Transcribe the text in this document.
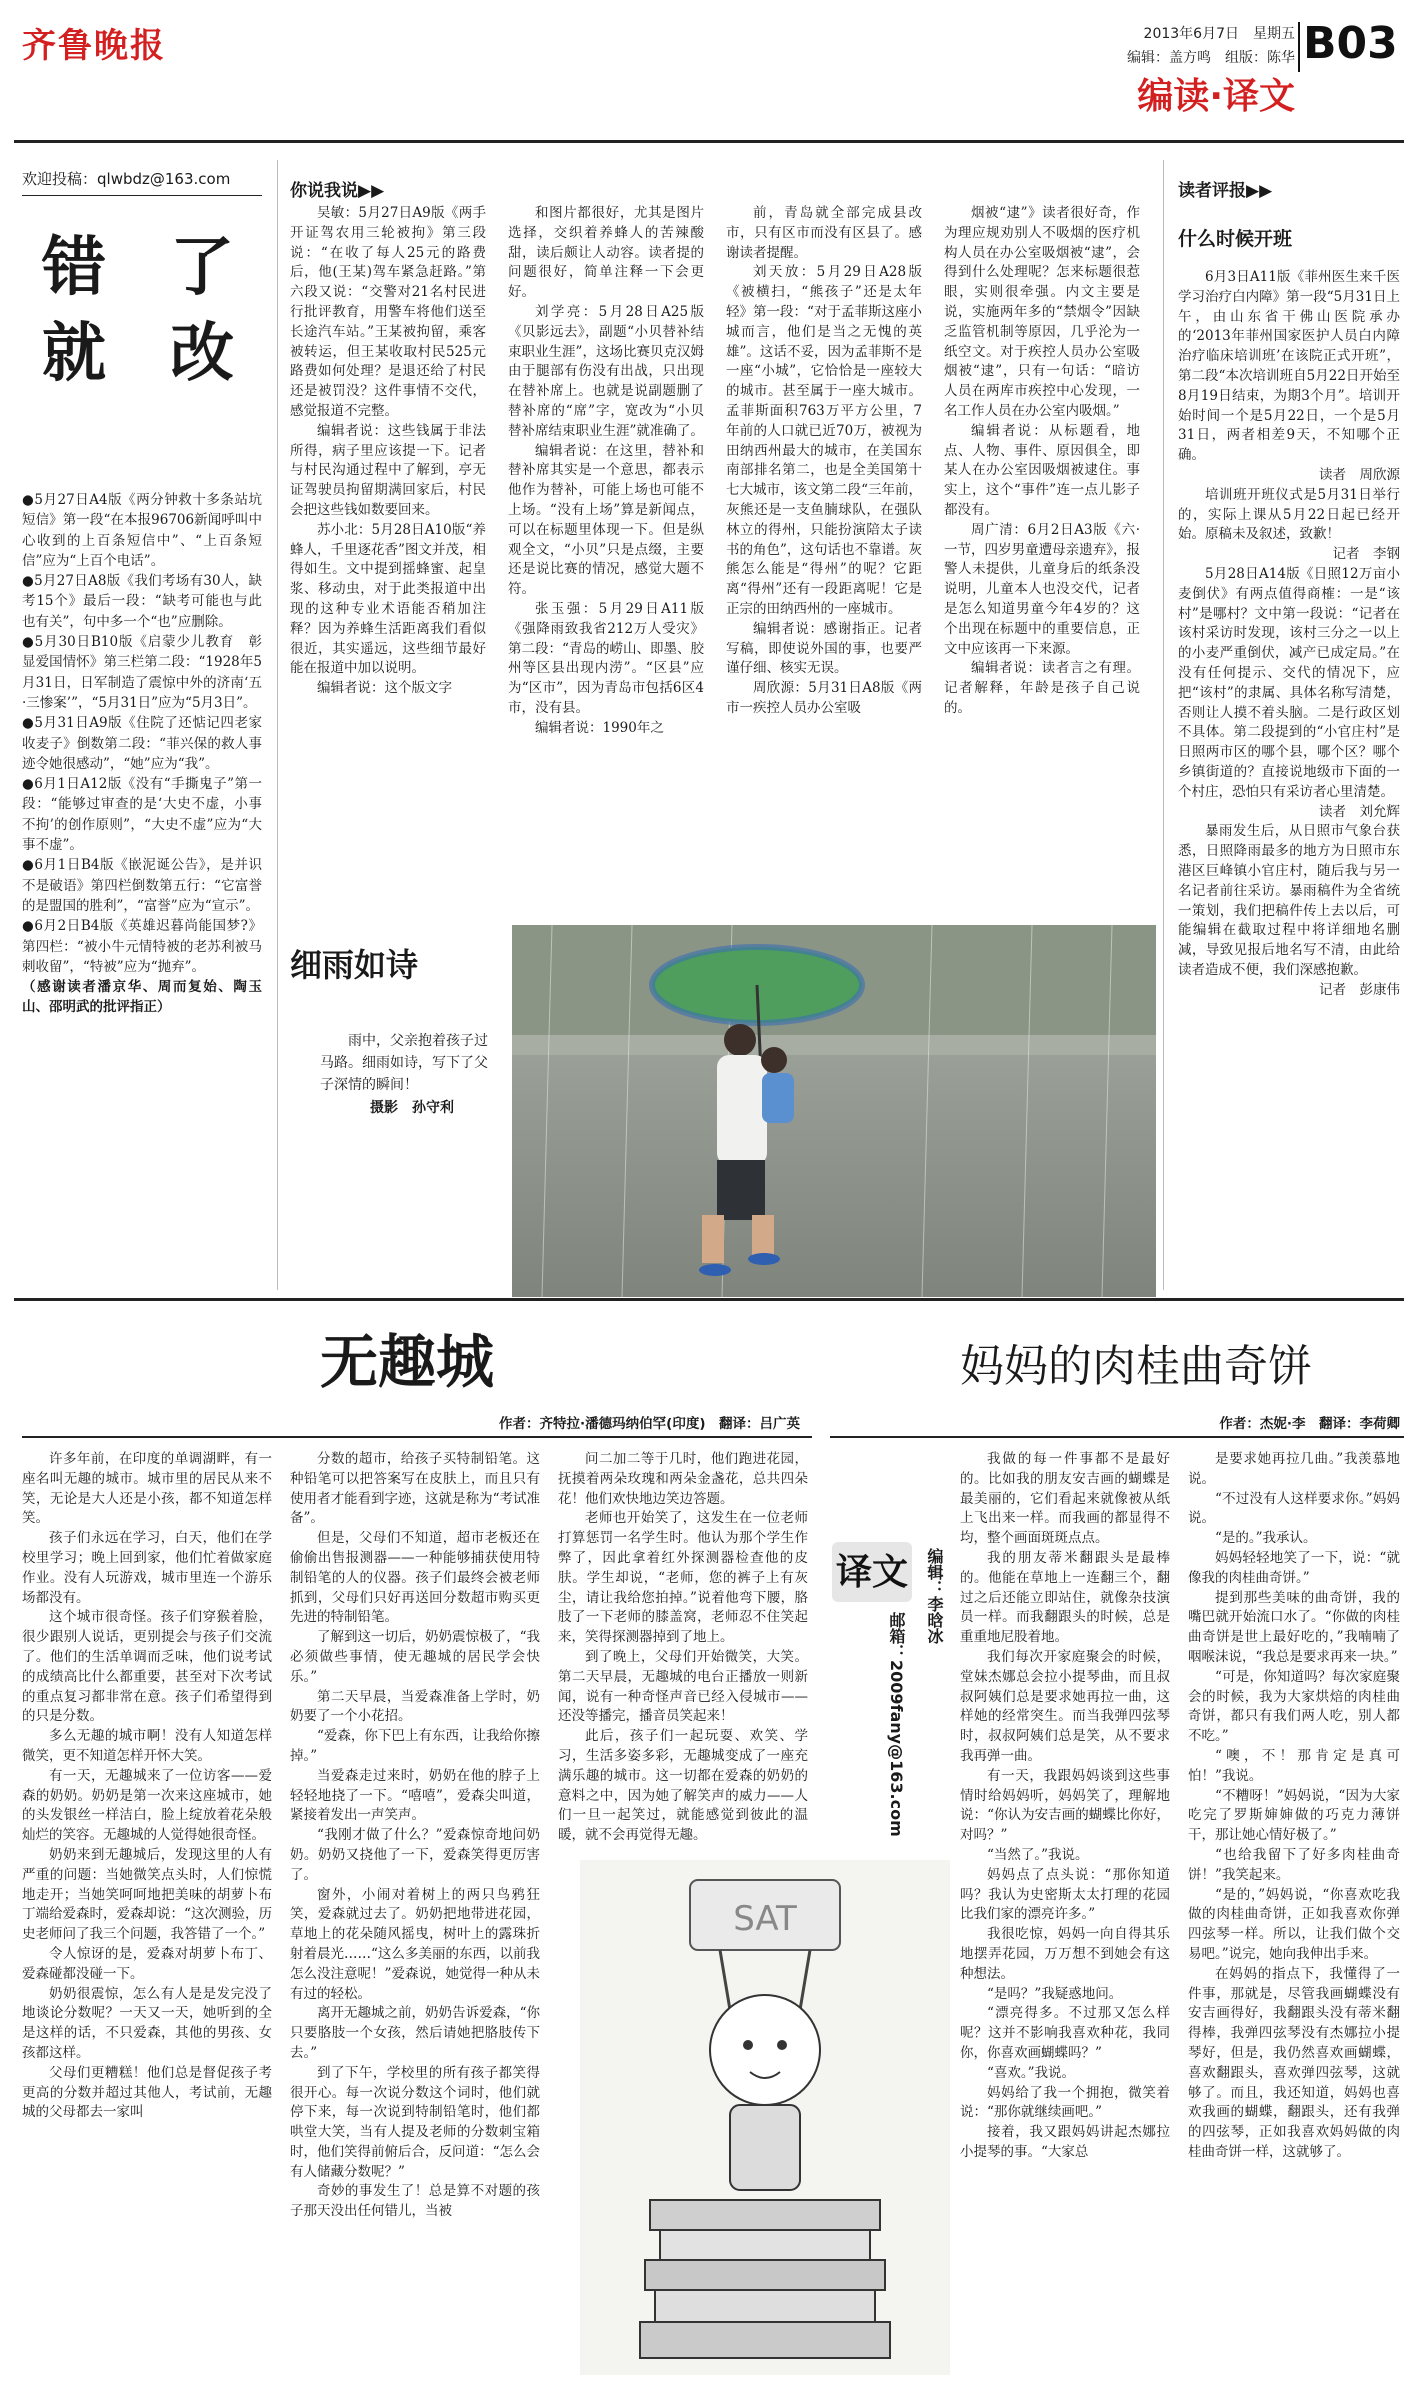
齐鲁晚报	2013年6月7日　星期五
编辑：盖方鸣　组版：陈华 B03
编读·译文
欢迎投稿：qlwbdz@163.com
错　了
就　改

●5月27日A4版《两分钟救十多条站坑短信》第一段“在本报96706新闻呼叫中心收到的上百条短信中”、“上百条短信”应为“上百个电话”。

●5月27日A8版《我们考场有30人，缺考15个》最后一段：“缺考可能也与此也有关”，句中多一个“也”应删除。

●5月30日B10版《启蒙少儿教育　彰显爱国情怀》第三栏第二段：“1928年5月31日，日军制造了震惊中外的济南‘五·三惨案’”，“5月31日”应为“5月3日”。

●5月31日A9版《住院了还惦记四老家收麦子》倒数第二段：“菲兴保的救人事迹令她很感动”，“她”应为“我”。

●6月1日A12版《没有“手撕鬼子”第一段：“能够过审查的是‘大史不虚，小事不拘’的创作原则”，“大史不虚”应为“大事不虚”。

●6月1日B4版《嵌泥诞公告》，是并识不是破语》第四栏倒数第五行：“它富誉的是盟国的胜利”，“富誉”应为“宣示”。

●6月2日B4版《英雄迟暮尚能国梦?》第四栏：“被小牛元情特被的老苏利被马刺收留”，“特被”应为“抛弃”。

（感谢读者潘京华、周而复始、陶玉山、邵明武的批评指正）

你说我说▶▶

吴敏：5月27日A9版《两手开证驾农用三轮被拘》第三段说：“在收了每人25元的路费后，他(王某)驾车紧急赶路。”第六段又说：“交警对21名村民进行批评教育，用警车将他们送至长途汽车站。”王某被拘留，乘客被转运，但王某收取村民525元路费如何处理？是退还给了村民还是被罚没？这件事情不交代，感觉报道不完整。

编辑者说：这些钱属于非法所得，病子里应该提一下。记者与村民沟通过程中了解到，亭无证驾驶员拘留期满回家后，村民会把这些钱如数要回来。

苏小北：5月28日A10版“养蜂人，千里逐花香”图文并茂，相得如生。文中提到摇蜂蜜、起皇浆、移动虫，对于此类报道中出现的这种专业术语能否稍加注释？因为养蜂生活距离我们看似很近，其实遥远，这些细节最好能在报道中加以说明。

编辑者说：这个版文字

和图片都很好，尤其是图片选择，交织着养蜂人的苦辣酸甜，读后颇让人动容。读者提的问题很好，简单注释一下会更好。

刘学亮：5月28日A25版《贝影远去》，副题“小贝替补结束职业生涯”，这场比赛贝克汉姆由于腿部有伤没有出战，只出现在替补席上。也就是说副题删了替补席的“席”字，宽改为“小贝替补席结束职业生涯”就准确了。

编辑者说：在这里，替补和替补席其实是一个意思，都表示他作为替补，可能上场也可能不上场。“没有上场”算是新闻点，可以在标题里体现一下。但是纵观全文，“小贝”只是点缀，主要还是说比赛的情况，感觉大题不符。

张玉强：5月29日A11版《强降雨致我省212万人受灾》第二段：“青岛的崂山、即墨、胶州等区县出现内涝”。“区县”应为“区市”，因为青岛市包括6区4市，没有县。

编辑者说：1990年之

前，青岛就全部完成县改市，只有区市而没有区县了。感谢读者提醒。

刘天放：5月29日A28版《被横扫，“熊孩子”还是太年轻》第一段：“对于孟菲斯这座小城而言，他们是当之无愧的英雄”。这话不妥，因为孟菲斯不是一座“小城”，它恰恰是一座较大的城市。甚至属于一座大城市。孟菲斯面积763万平方公里，7年前的人口就已近70万，被视为田纳西州最大的城市，在美国东南部排名第二，也是全美国第十七大城市，该文第二段“三年前，灰熊还是一支鱼腩球队，在强队林立的得州，只能扮演陪太子读书的角色”，这句话也不靠谱。灰熊怎么能是“得州”的呢？它距离“得州”还有一段距离呢！它是正宗的田纳西州的一座城市。

编辑者说：感谢指正。记者写稿，即使说外国的事，也要严谨仔细、核实无误。

周欣源：5月31日A8版《两市一疾控人员办公室吸

烟被“逮”》读者很好奇，作为理应规劝别人不吸烟的医疗机构人员在办公室吸烟被“逮”，会得到什么处理呢？怎来标题很惹眼，实则很牵强。内文主要是说，实施两年多的“禁烟令”因缺乏监管机制等原因，几乎沦为一纸空文。对于疾控人员办公室吸烟被“逮”，只有一句话：“暗访人员在两库市疾控中心发现，一名工作人员在办公室内吸烟。”

编辑者说：从标题看，地点、人物、事件、原因俱全，即某人在办公室因吸烟被逮住。事实上，这个“事件”连一点儿影子都没有。

周广清：6月2日A3版《六·一节，四岁男童遭母亲遗弃》，报警人未提供，儿童身后的纸条没说明，儿童本人也没交代，记者是怎么知道男童今年4岁的？这个出现在标题中的重要信息，正文中应该再一下来源。

编辑者说：读者言之有理。记者解释，年龄是孩子自己说的。

细雨如诗
雨中，父亲抱着孩子过马路。细雨如诗，写下了父子深情的瞬间！
摄影　孙守利
读者评报▶▶
什么时候开班

6月3日A11版《菲州医生来千医学习治疗白内障》第一段“5月31日上午，由山东省干佛山医院承办的‘2013年菲州国家医护人员白内障治疗临床培训班’在该院正式开班”，第二段“本次培训班自5月22日开始至8月19日结束，为期3个月”。培训开始时间一个是5月22日，一个是5月31日，两者相差9天，不知哪个正确。

读者　周欣源

培训班开班仪式是5月31日举行的，实际上课从5月22日起已经开始。原稿未及叙述，致歉！

记者　李钢

5月28日A14版《日照12万亩小麦倒伏》有两点值得商榷：一是“该村”是哪村？文中第一段说：“记者在该村采访时发现，该村三分之一以上的小麦严重倒伏，减产已成定局。”在没有任何提示、交代的情况下，应把“该村”的隶属、具体名称写清楚，否则让人摸不着头脑。二是行政区划不具体。第二段提到的“小官庄村”是日照两市区的哪个县，哪个区？哪个乡镇街道的？直接说地级市下面的一个村庄，恐怕只有采访者心里清楚。

读者　刘允辉

暴雨发生后，从日照市气象台获悉，日照降雨最多的地方为日照市东港区巨峰镇小官庄村，随后我与另一名记者前往采访。暴雨稿件为全省统一策划，我们把稿件传上去以后，可能编辑在截取过程中将详细地名删减，导致见报后地名写不清，由此给读者造成不便，我们深感抱歉。

记者　彭康伟

无趣城
作者：齐特拉·潘德玛纳伯罕(印度)　翻译：吕广英

许多年前，在印度的单调湖畔，有一座名叫无趣的城市。城市里的居民从来不笑，无论是大人还是小孩，都不知道怎样笑。

孩子们永远在学习，白天，他们在学校里学习；晚上回到家，他们忙着做家庭作业。没有人玩游戏，城市里连一个游乐场都没有。

这个城市很奇怪。孩子们穿猴着脸，很少跟别人说话，更别提会与孩子们交流了。他们的生活单调而乏味，他们说考试的成绩高比什么都重要，甚至对下次考试的重点复习都非常在意。孩子们希望得到的只是分数。

多么无趣的城市啊！没有人知道怎样微笑，更不知道怎样开怀大笑。

有一天，无趣城来了一位访客——爱森的奶奶。奶奶是第一次来这座城市，她的头发银丝一样洁白，脸上绽放着花朵般灿烂的笑容。无趣城的人觉得她很奇怪。

奶奶来到无趣城后，发现这里的人有严重的问题：当她微笑点头时，人们惊慌地走开；当她笑呵呵地把美味的胡萝卜布丁端给爱森时，爱森却说：“这次测验，历史老师问了我三个问题，我答错了一个。”

令人惊讶的是，爱森对胡萝卜布丁、爱森碰都没碰一下。

奶奶很震惊，怎么有人是是发完没了地谈论分数呢？一天又一天，她听到的全是这样的话，不只爱森，其他的男孩、女孩都这样。

父母们更糟糕！他们总是督促孩子考更高的分数并超过其他人，考试前，无趣城的父母都去一家叫

分数的超市，给孩子买特制铅笔。这种铅笔可以把答案写在皮肤上，而且只有使用者才能看到字迹，这就是称为“考试准备”。

但是，父母们不知道，超市老板还在偷偷出售报测器——一种能够捕获使用特制铅笔的人的仪器。孩子们最终会被老师抓到，父母们只好再送回分数超市购买更先进的特制铅笔。

了解到这一切后，奶奶震惊极了，“我必须做些事情，使无趣城的居民学会快乐。”

第二天早晨，当爱森准备上学时，奶奶要了一个小花招。

“爱森，你下巴上有东西，让我给你擦掉。”

当爱森走过来时，奶奶在他的脖子上轻轻地挠了一下。“嘻嘻”，爱森尖叫道，紧接着发出一声笑声。

“我刚才做了什么？”爱森惊奇地问奶奶。奶奶又挠他了一下，爱森笑得更厉害了。

窗外，小闹对着树上的两只鸟鸦狂笑，爱森就过去了。奶奶把地带进花园，草地上的花朵随风摇曳，树叶上的露珠折射着晨光……“这么多美丽的东西，以前我怎么没注意呢！”爱森说，她觉得一种从未有过的轻松。

离开无趣城之前，奶奶告诉爱森，“你只要胳肢一个女孩，然后请她把胳肢传下去。”

到了下午，学校里的所有孩子都笑得很开心。每一次说分数这个词时，他们就停下来，每一次说到特制铅笔时，他们都哄堂大笑，当有人提及老师的分数刺宝箱时，他们笑得前俯后合，反问道：“怎么会有人储藏分数呢？”

奇妙的事发生了！总是算不对题的孩子那天没出任何错儿，当被

问二加二等于几时，他们跑进花园，抚摸着两朵玫瑰和两朵金盏花，总共四朵花！他们欢快地边笑边答题。

老师也开始笑了，这发生在一位老师打算惩罚一名学生时。他认为那个学生作弊了，因此拿着红外探测器检查他的皮肤。学生却说，“老师，您的裤子上有灰尘，请让我给您拍掉。”说着他弯下腰，胳肢了一下老师的膝盖窝，老师忍不住笑起来，笑得探测器掉到了地上。

到了晚上，父母们开始微笑，大笑。第二天早晨，无趣城的电台正播放一则新闻，说有一种奇怪声音已经入侵城市——还没等播完，播音员笑起来！

此后，孩子们一起玩耍、欢笑、学习，生活多姿多彩，无趣城变成了一座充满乐趣的城市。这一切都在爱森的奶奶的意料之中，因为她了解笑声的威力——人们一旦一起笑过，就能感觉到彼此的温暖，就不会再觉得无趣。

译文	编辑：李晗冰
邮箱：2009fany@163.com
SAT
妈妈的肉桂曲奇饼
作者：杰妮·李　翻译：李荷卿

我做的每一件事都不是最好的。比如我的朋友安吉画的蝴蝶是最美丽的，它们看起来就像被从纸上飞出来一样。而我画的都显得不均，整个画面斑斑点点。

我的朋友蒂米翻跟头是最棒的。他能在草地上一连翻三个，翻过之后还能立即站住，就像杂技演员一样。而我翻跟头的时候，总是重重地尼股着地。

我们每次开家庭聚会的时候，堂妹杰娜总会拉小提琴曲，而且叔叔阿姨们总是要求她再拉一曲，这样她的经常突生。而当我弹四弦琴时，叔叔阿姨们总是笑，从不要求我再弹一曲。

有一天，我跟妈妈谈到这些事情时给妈妈听，妈妈笑了，理解地说：“你认为安吉画的蝴蝶比你好，对吗？”

“当然了。”我说。

妈妈点了点头说：“那你知道吗？我认为史密斯太太打理的花园比我们家的漂亮许多。”

我很吃惊，妈妈一向自得其乐地摆弄花园，万万想不到她会有这种想法。

“是吗？”我疑惑地问。

“漂亮得多。不过那又怎么样呢？这并不影响我喜欢种花，我同你，你喜欢画蝴蝶吗？”

“喜欢。”我说。

妈妈给了我一个拥抱，微笑着说：“那你就继续画吧。”

接着，我又跟妈妈讲起杰娜拉小提琴的事。“大家总

是要求她再拉几曲。”我羡慕地说。

“不过没有人这样要求你。”妈妈说。

“是的。”我承认。

妈妈轻轻地笑了一下，说：“就像我的肉桂曲奇饼。”

提到那些美味的曲奇饼，我的嘴巴就开始流口水了。“你做的肉桂曲奇饼是世上最好吃的，”我喃喃了咽喉沫说，“我总是要求再来一块。”

“可是，你知道吗？每次家庭聚会的时候，我为大家烘焙的肉桂曲奇饼，都只有我们两人吃，别人都不吃。”

“噢，不！那肯定是真可怕！”我说。

“不糟呀！”妈妈说，“因为大家吃完了罗斯婶婶做的巧克力薄饼干，那让她心情好极了。”

“也给我留下了好多肉桂曲奇饼！”我笑起来。

“是的，”妈妈说，“你喜欢吃我做的肉桂曲奇饼，正如我喜欢你弹四弦琴一样。所以，让我们做个交易吧。”说完，她向我伸出手来。

在妈妈的指点下，我懂得了一件事，那就是，尽管我画蝴蝶没有安吉画得好，我翻跟头没有蒂米翻得棒，我弹四弦琴没有杰娜拉小提琴好，但是，我仍然喜欢画蝴蝶，喜欢翻跟头，喜欢弹四弦琴，这就够了。而且，我还知道，妈妈也喜欢我画的蝴蝶，翻跟头，还有我弹的四弦琴，正如我喜欢妈妈做的肉桂曲奇饼一样，这就够了。
